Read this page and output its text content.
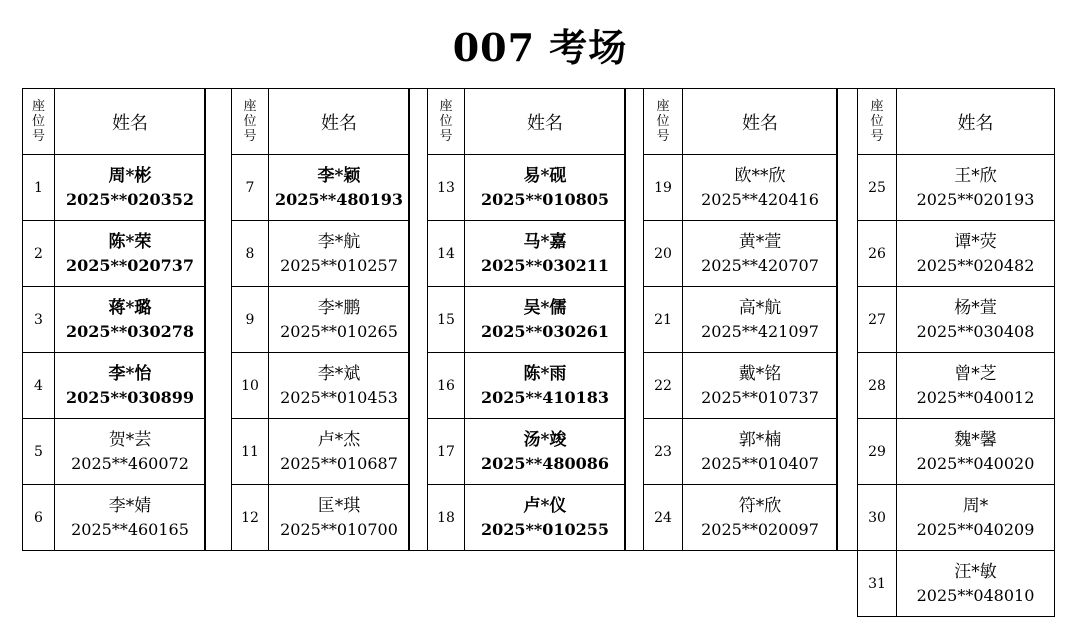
007 考场
座
位
号	姓名
1	周*彬
2025**020352

2	陈*荣
2025**020737

3	蒋*璐
2025**030278

4	李*怡
2025**030899

5	贺*芸
2025**460072

6	李*婧
2025**460165

座
位
号	姓名
7	李*颖
2025**480193

8	李*航
2025**010257

9	李*鹏
2025**010265

10	李*斌
2025**010453

11	卢*杰
2025**010687

12	匡*琪
2025**010700

座
位
号	姓名
13	易*砚
2025**010805

14	马*嘉
2025**030211

15	吴*儒
2025**030261

16	陈*雨
2025**410183

17	汤*竣
2025**480086

18	卢*仪
2025**010255

座
位
号	姓名
19	欧**欣
2025**420416

20	黄*萱
2025**420707

21	高*航
2025**421097

22	戴*铭
2025**010737

23	郭*楠
2025**010407

24	符*欣
2025**020097

座
位
号	姓名
25	王*欣
2025**020193

26	谭*荧
2025**020482

27	杨*萱
2025**030408

28	曾*芝
2025**040012

29	魏*馨
2025**040020

30	周*
2025**040209

31	汪*敏
2025**048010
